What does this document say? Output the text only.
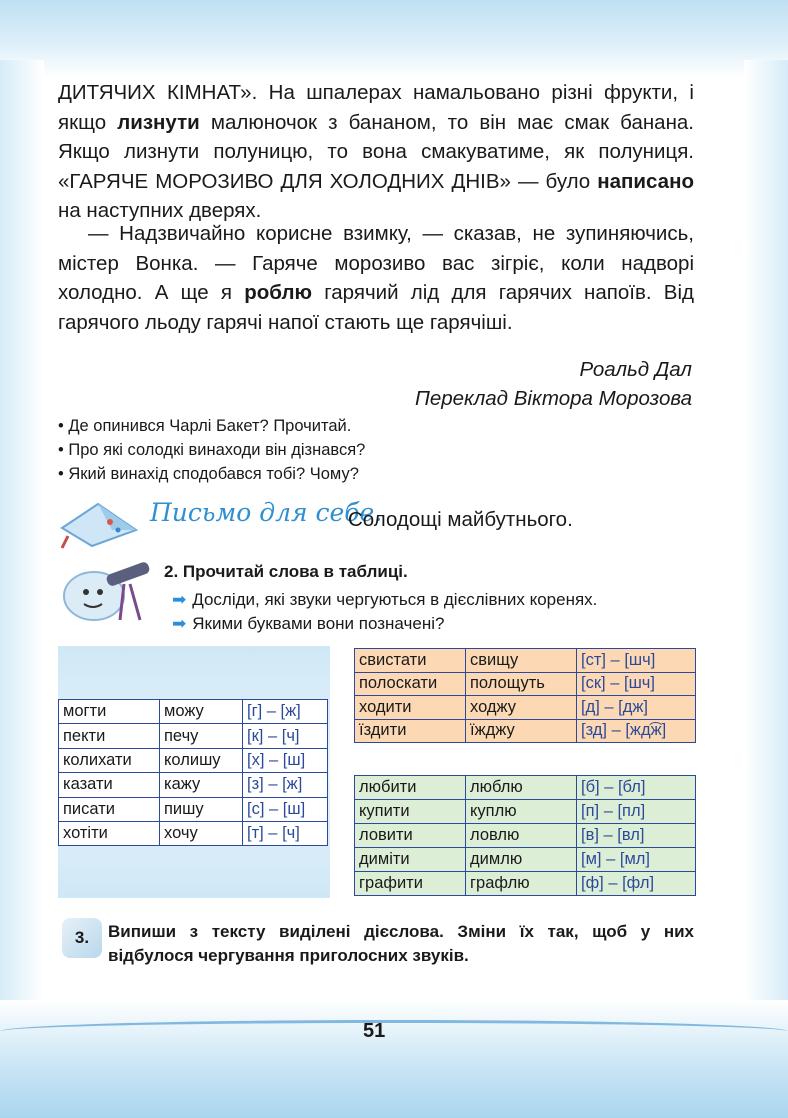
ДИТЯЧИХ КІМНАТ». На шпалерах намальовано різні фрукти, і якщо лизнути малюночок з бананом, то він має смак банана. Якщо лизнути полуницю, то вона смакуватиме, як полуниця. «ГАРЯЧЕ МОРОЗИВО ДЛЯ ХОЛОДНИХ ДНІВ» — було написано на наступних дверях.
— Надзвичайно корисне взимку, — сказав, не зупиняючись, містер Вонка. — Гаряче морозиво вас зігріє, коли надворі холодно. А ще я роблю гарячий лід для гарячих напоїв. Від гарячого льоду гарячі напої стають ще гарячіші.
Роальд Дал
Переклад Віктора Морозова
• Де опинився Чарлі Бакет? Прочитай.
• Про які солодкі винаходи він дізнався?
• Який винахід сподобався тобі? Чому?
Письмо для себе.
Солодощі майбутнього.
2. Прочитай слова в таблиці.
➡ Досліди, які звуки чергуються в дієслівних коренях.
➡ Якими буквами вони позначені?
могти	можу	[г] – [ж]
пекти	печу	[к] – [ч]
колихати	колишу	[х] – [ш]
казати	кажу	[з] – [ж]
писати	пишу	[с] – [ш]
хотіти	хочу	[т] – [ч]
свистати	свищу	[ст] – [шч]
полоскати	полощуть	[ск] – [шч]
ходити	ходжу	[д] – [дж]
їздити	їжджу	[зд] – [жд͡ж]
любити	люблю	[б] – [бл]
купити	куплю	[п] – [пл]
ловити	ловлю	[в] – [вл]
диміти	димлю	[м] – [мл]
графити	графлю	[ф] – [фл]
3.	Випиши з тексту виділені дієслова. Зміни їх так, щоб у них відбулося чергування приголосних звуків.
51
